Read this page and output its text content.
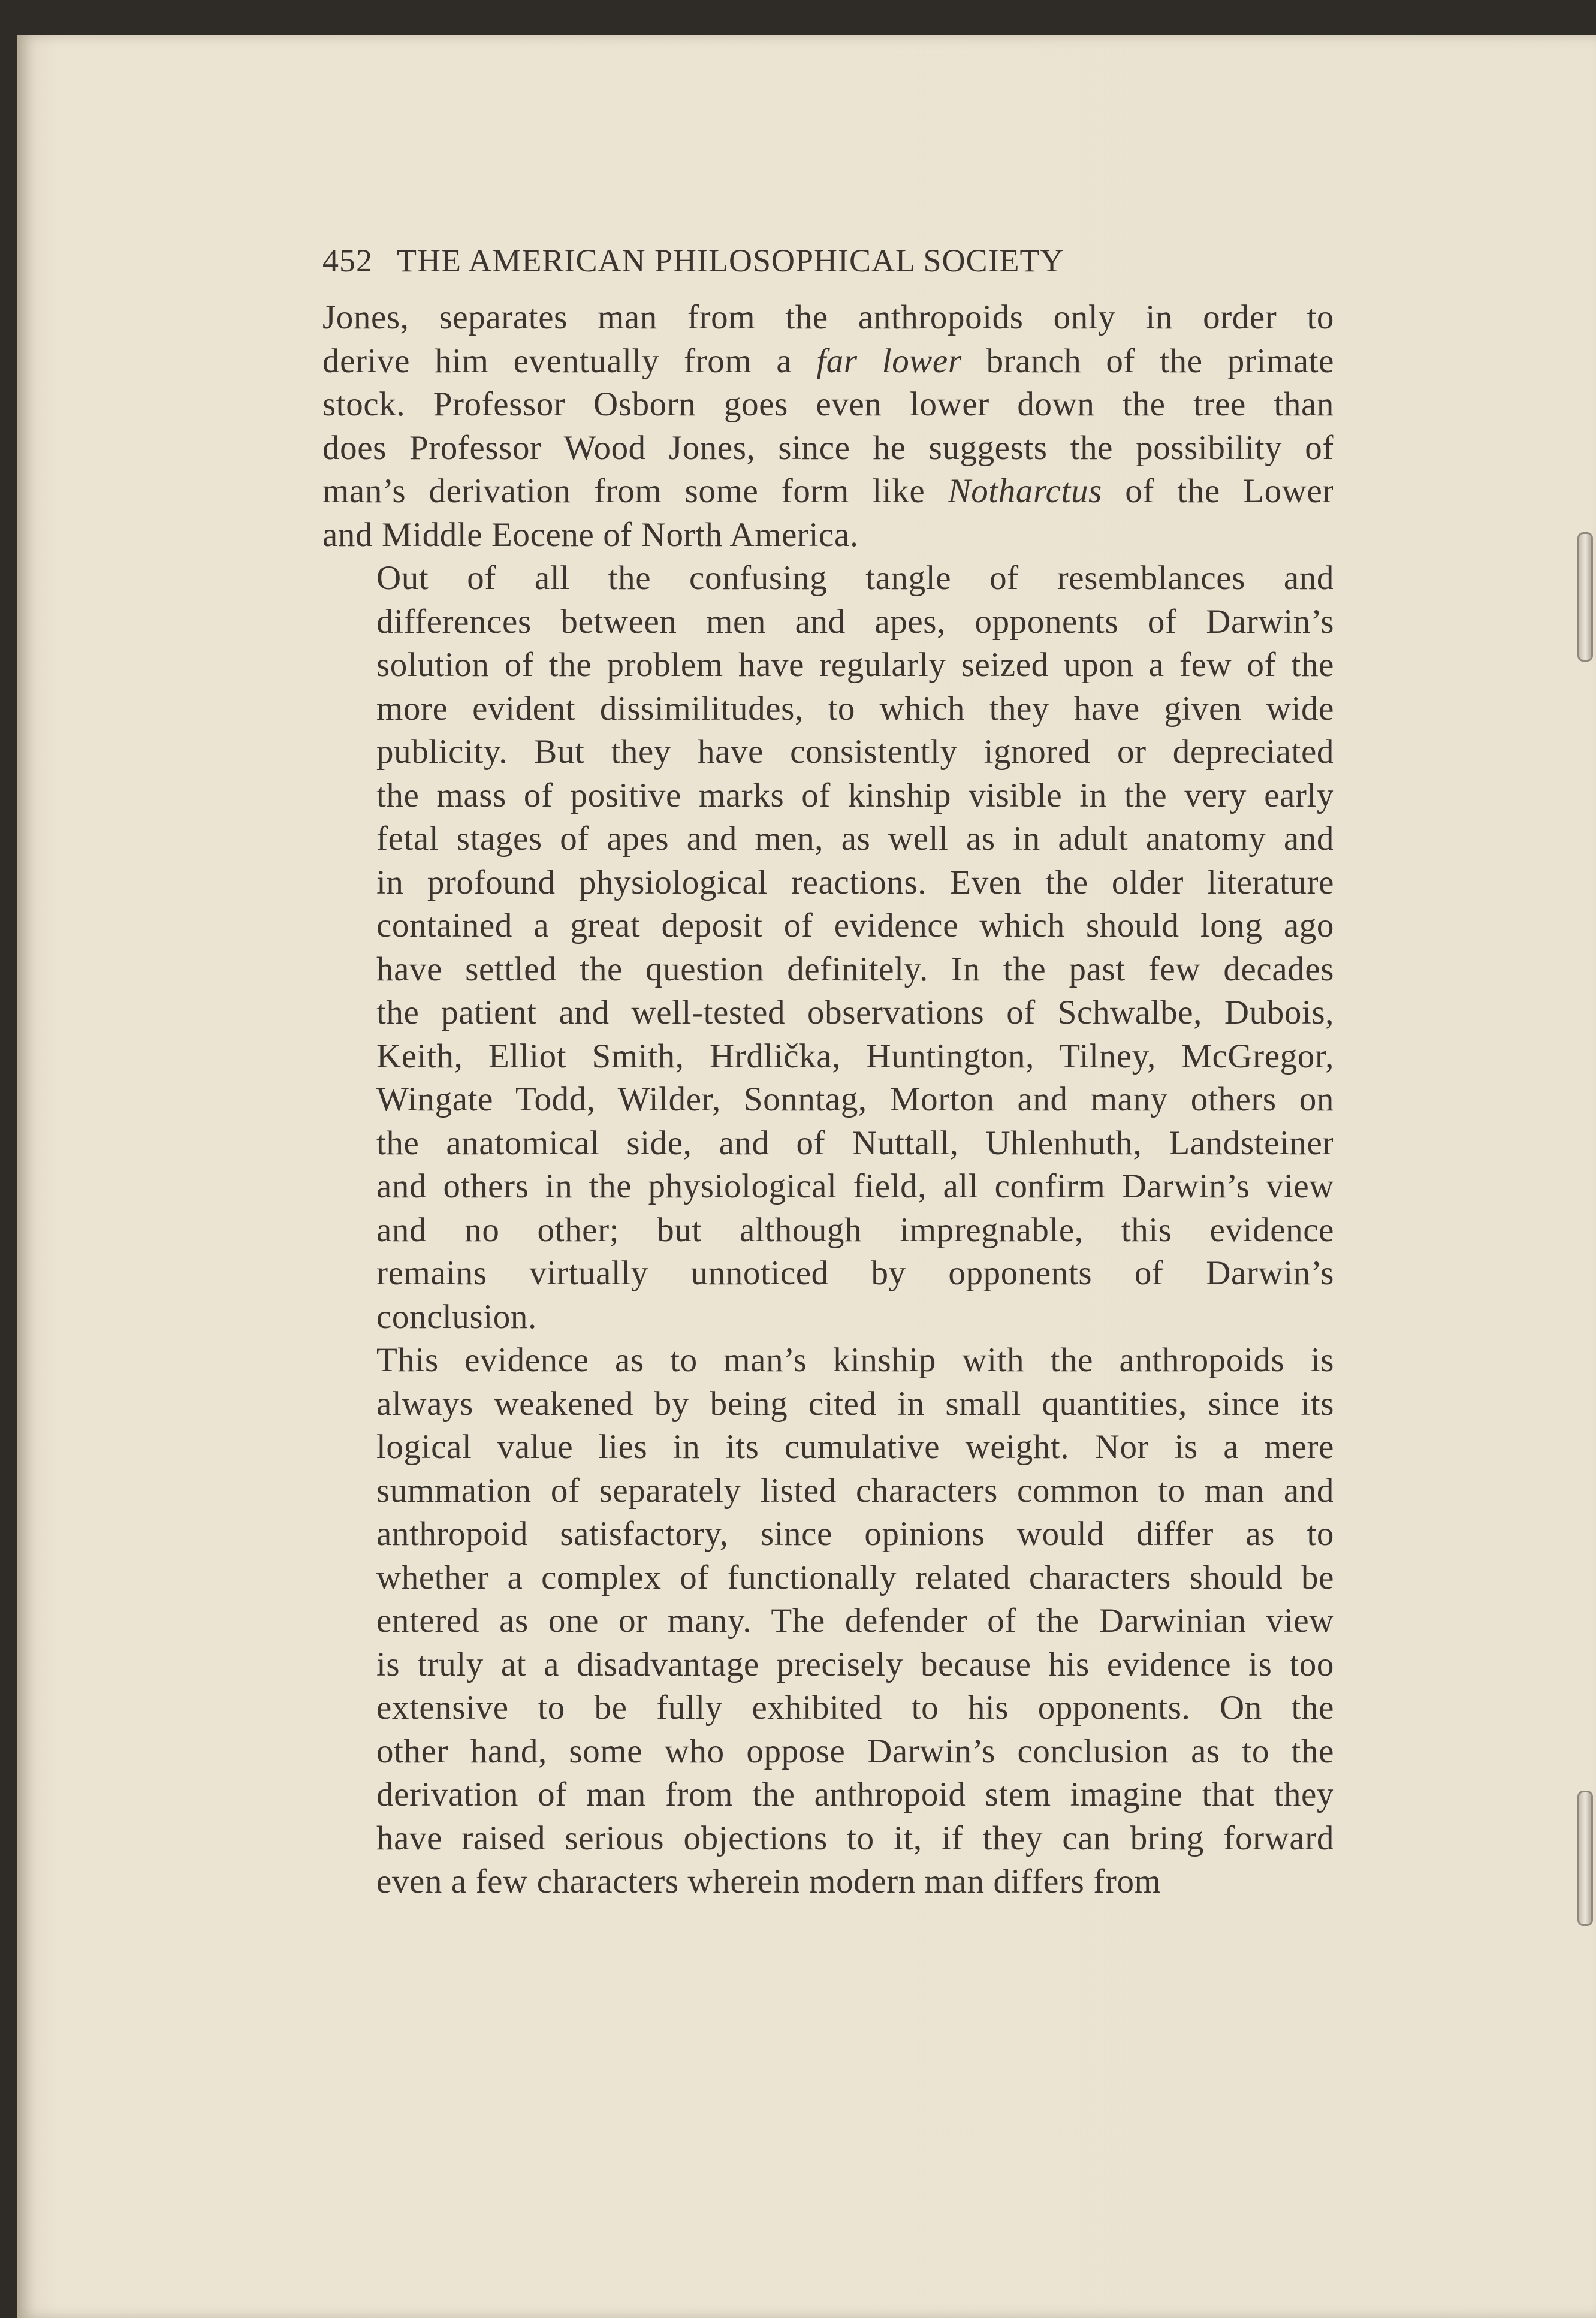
452 THE AMERICAN PHILOSOPHICAL SOCIETY
Jones, separates man from the anthropoids only in order to
derive him eventually from a far lower branch of the primate
stock. Professor Osborn goes even lower down the tree than
does Professor Wood Jones, since he suggests the possibility of
man’s derivation from some form like Notharctus of the Lower
and Middle Eocene of North America.
Out of all the confusing tangle of resemblances and
differences between men and apes, opponents of Darwin’s
solution of the problem have regularly seized upon a few of the
more evident dissimilitudes, to which they have given wide
publicity. But they have consistently ignored or depreciated
the mass of positive marks of kinship visible in the very early
fetal stages of apes and men, as well as in adult anatomy and
in profound physiological reactions. Even the older literature
contained a great deposit of evidence which should long ago
have settled the question definitely. In the past few decades
the patient and well-tested observations of Schwalbe, Dubois,
Keith, Elliot Smith, Hrdlička, Huntington, Tilney, McGregor,
Wingate Todd, Wilder, Sonntag, Morton and many others on
the anatomical side, and of Nuttall, Uhlenhuth, Landsteiner
and others in the physiological field, all confirm Darwin’s view
and no other; but although impregnable, this evidence
remains virtually unnoticed by opponents of Darwin’s
conclusion.
This evidence as to man’s kinship with the anthropoids is
always weakened by being cited in small quantities, since its
logical value lies in its cumulative weight. Nor is a mere
summation of separately listed characters common to man and
anthropoid satisfactory, since opinions would differ as to
whether a complex of functionally related characters should be
entered as one or many. The defender of the Darwinian view
is truly at a disadvantage precisely because his evidence is too
extensive to be fully exhibited to his opponents. On the
other hand, some who oppose Darwin’s conclusion as to the
derivation of man from the anthropoid stem imagine that they
have raised serious objections to it, if they can bring forward
even a few characters wherein modern man differs from
